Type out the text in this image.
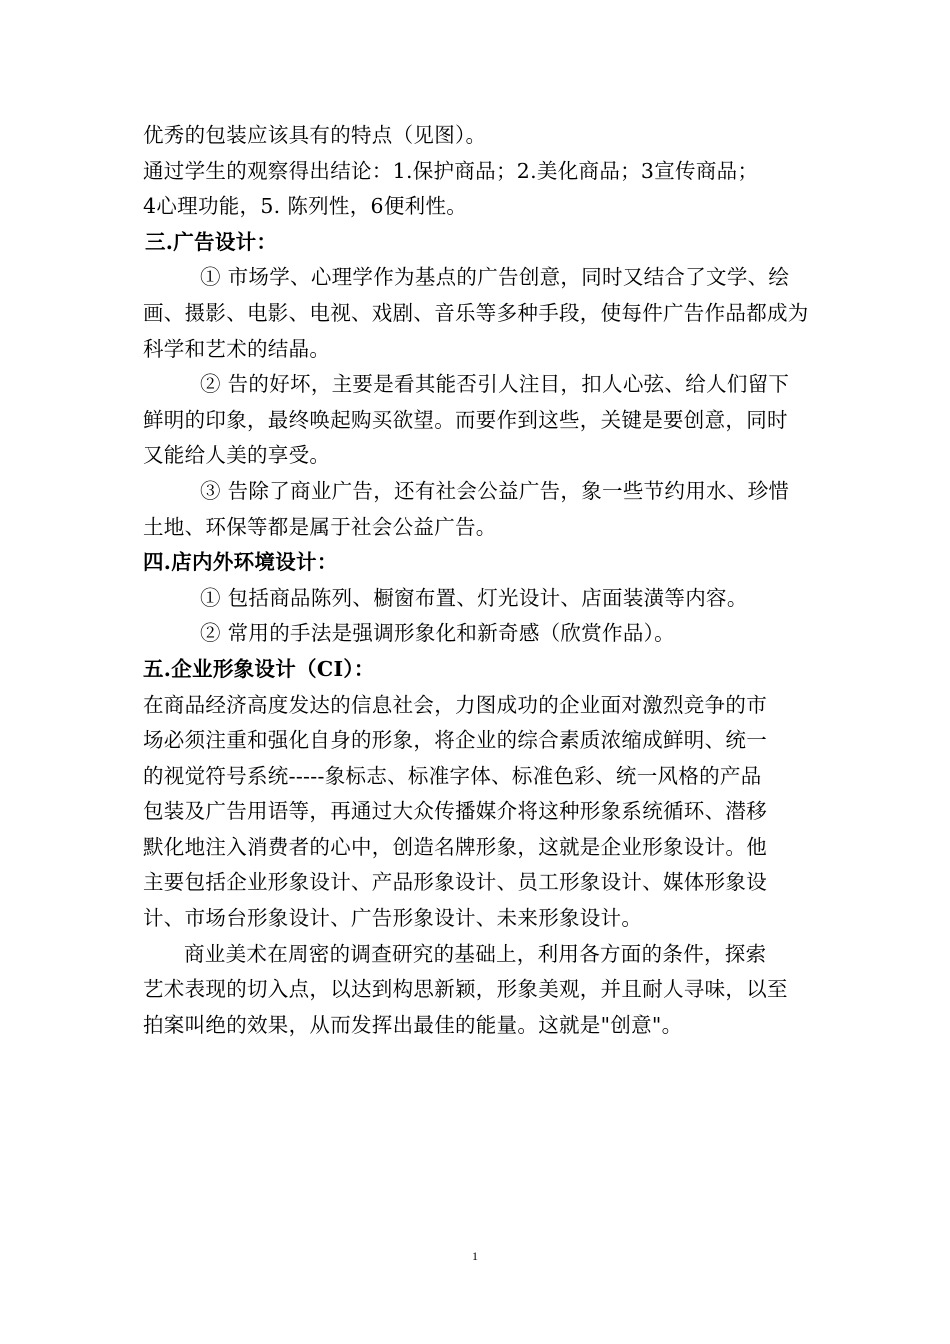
优秀的包装应该具有的特点（见图）。
通过学生的观察得出结论：1.保护商品；2.美化商品；3宣传商品；
4心理功能，5. 陈列性，6便利性。
三.广告设计：
① 市场学、心理学作为基点的广告创意，同时又结合了文学、绘
画、摄影、电影、电视、戏剧、音乐等多种手段，使每件广告作品都成为
科学和艺术的结晶。
② 告的好坏，主要是看其能否引人注目，扣人心弦、给人们留下
鲜明的印象，最终唤起购买欲望。而要作到这些，关键是要创意，同时
又能给人美的享受。
③ 告除了商业广告，还有社会公益广告，象一些节约用水、珍惜
土地、环保等都是属于社会公益广告。
四.店内外环境设计：
① 包括商品陈列、橱窗布置、灯光设计、店面装潢等内容。
② 常用的手法是强调形象化和新奇感（欣赏作品）。
五.企业形象设计（CI）：
在商品经济高度发达的信息社会，力图成功的企业面对激烈竞争的市
场必须注重和强化自身的形象，将企业的综合素质浓缩成鲜明、统一
的视觉符号系统-----象标志、标准字体、标准色彩、统一风格的产品
包装及广告用语等，再通过大众传播媒介将这种形象系统循环、潜移
默化地注入消费者的心中，创造名牌形象，这就是企业形象设计。他
主要包括企业形象设计、产品形象设计、员工形象设计、媒体形象设
计、市场台形象设计、广告形象设计、未来形象设计。
商业美术在周密的调查研究的基础上，利用各方面的条件，探索
艺术表现的切入点，以达到构思新颖，形象美观，并且耐人寻味，以至
拍案叫绝的效果，从而发挥出最佳的能量。这就是"创意"。
1
